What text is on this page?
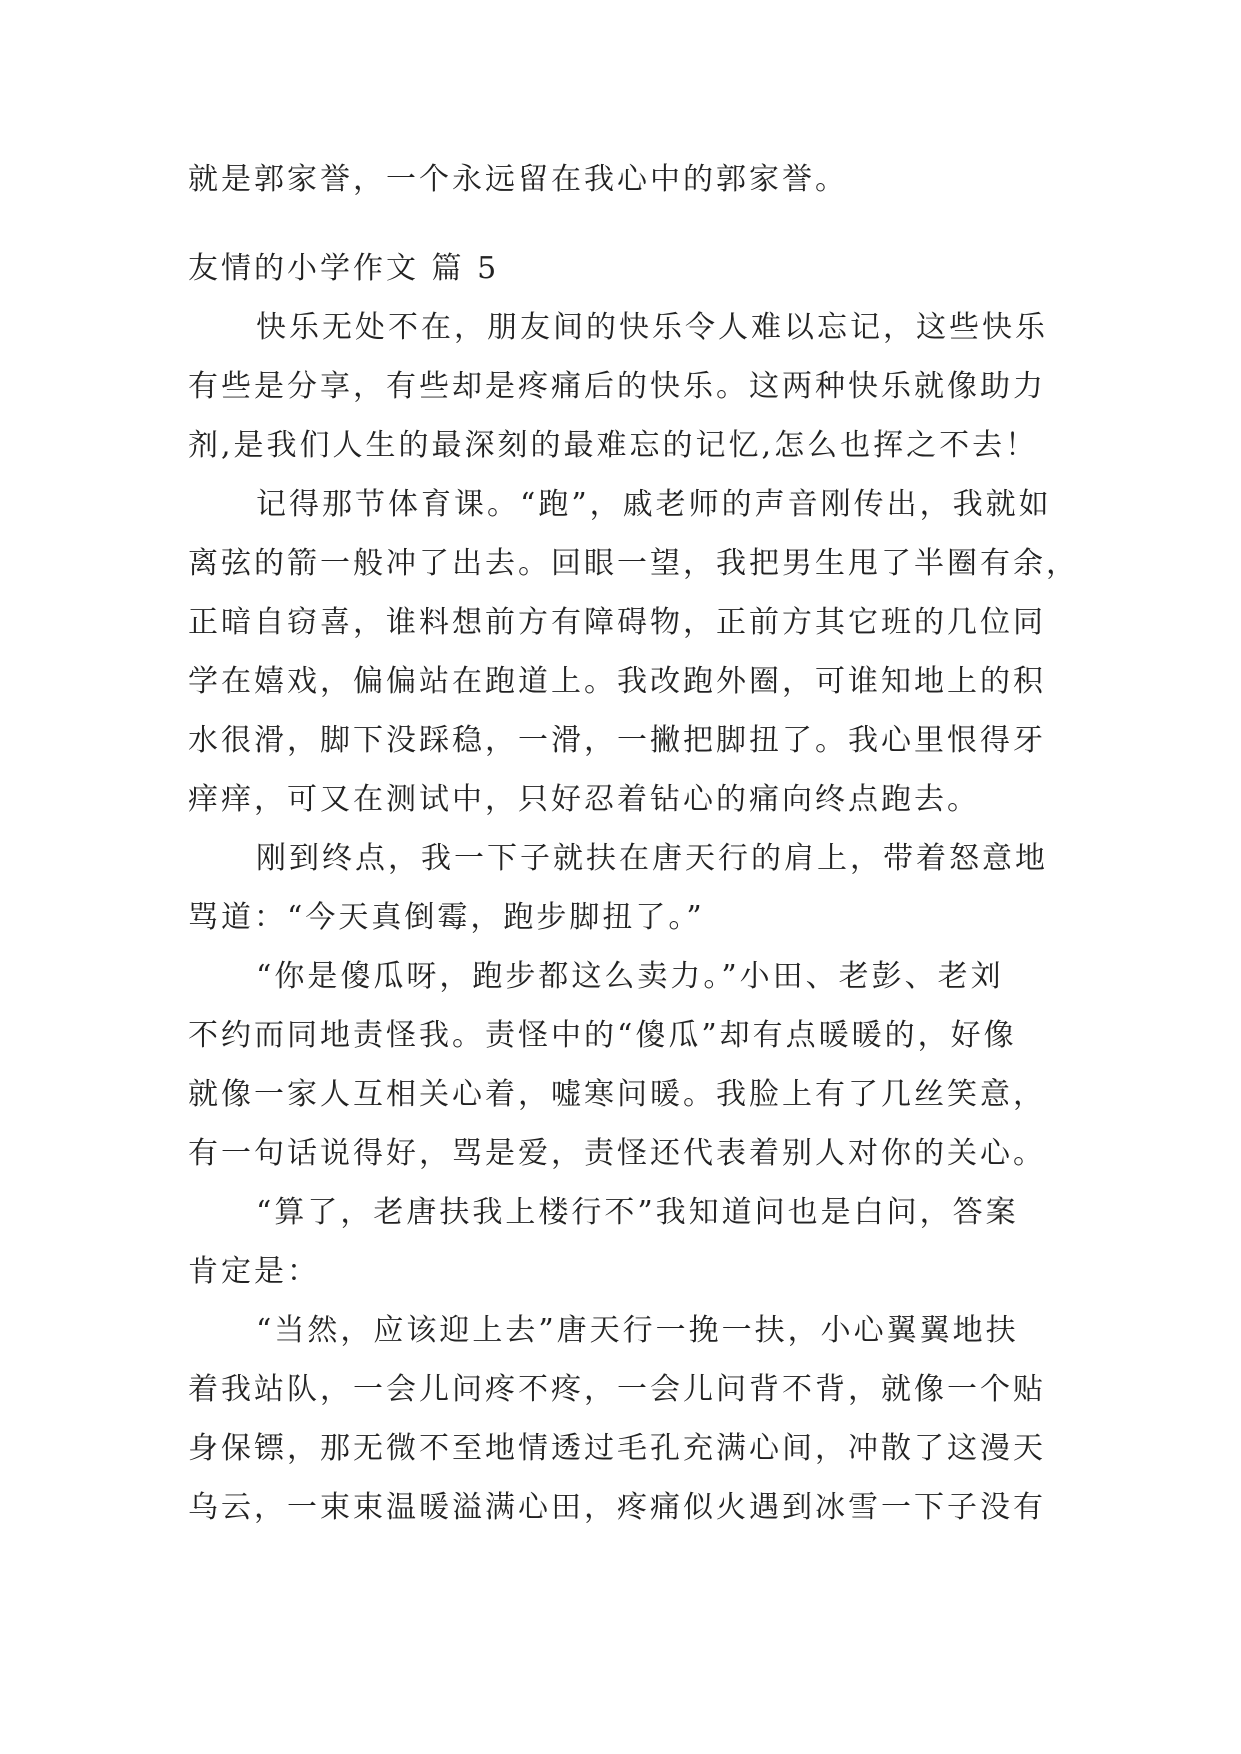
就是郭家誉，一个永远留在我心中的郭家誉。
友情的小学作文 篇 5
快乐无处不在，朋友间的快乐令人难以忘记，这些快乐
有些是分享，有些却是疼痛后的快乐。这两种快乐就像助力
剂,是我们人生的最深刻的最难忘的记忆,怎么也挥之不去！
记得那节体育课。“跑”，戚老师的声音刚传出，我就如
离弦的箭一般冲了出去。回眼一望，我把男生甩了半圈有余，
正暗自窃喜，谁料想前方有障碍物，正前方其它班的几位同
学在嬉戏，偏偏站在跑道上。我改跑外圈，可谁知地上的积
水很滑，脚下没踩稳，一滑，一撇把脚扭了。我心里恨得牙
痒痒，可又在测试中，只好忍着钻心的痛向终点跑去。
刚到终点，我一下子就扶在唐天行的肩上，带着怒意地
骂道：“今天真倒霉，跑步脚扭了。”
“你是傻瓜呀，跑步都这么卖力。”小田、老彭、老刘
不约而同地责怪我。责怪中的“傻瓜”却有点暖暖的，好像
就像一家人互相关心着，嘘寒问暖。我脸上有了几丝笑意，
有一句话说得好，骂是爱，责怪还代表着别人对你的关心。
“算了，老唐扶我上楼行不”我知道问也是白问，答案
肯定是：
“当然，应该迎上去”唐天行一挽一扶，小心翼翼地扶
着我站队，一会儿问疼不疼，一会儿问背不背，就像一个贴
身保镖，那无微不至地情透过毛孔充满心间，冲散了这漫天
乌云，一束束温暖溢满心田，疼痛似火遇到冰雪一下子没有
